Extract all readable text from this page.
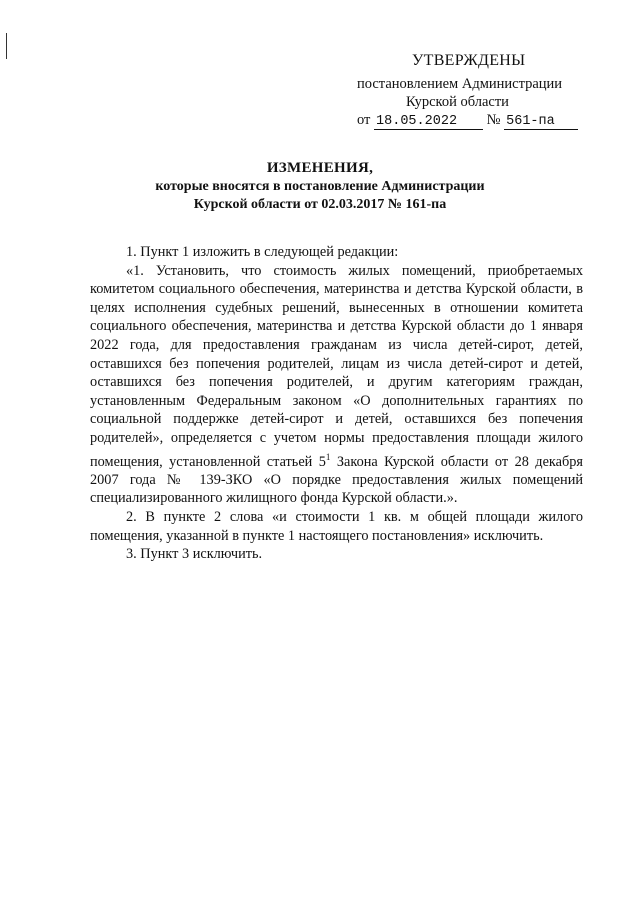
УТВЕРЖДЕНЫ
постановлением Администрации
Курской области
от 18.05.2022 № 561-па
ИЗМЕНЕНИЯ,
которые вносятся в постановление Администрации
Курской области от 02.03.2017 № 161-па

1. Пункт 1 изложить в следующей редакции:

«1. Установить, что стоимость жилых помещений, приобретаемых комитетом социального обеспечения, материнства и детства Курской области, в целях исполнения судебных решений, вынесенных в отношении комитета социального обеспечения, материнства и детства Курской области до 1 января 2022 года, для предоставления гражданам из числа детей-сирот, детей, оставшихся без попечения родителей, лицам из числа детей-сирот и детей, оставшихся без попечения родителей, и другим категориям граждан, установленным Федеральным законом «О дополнительных гарантиях по социальной поддержке детей-сирот и детей, оставшихся без попечения родителей», определяется с учетом нормы предоставления площади жилого помещения, установленной статьей $5^1$ Закона Курской области от 28 декабря 2007 года № 139-ЗКО «О порядке предоставления жилых помещений специализированного жилищного фонда Курской области.».

2. В пункте 2 слова «и стоимости 1 кв. м общей площади жилого помещения, указанной в пункте 1 настоящего постановления» исключить.

3. Пункт 3 исключить.
